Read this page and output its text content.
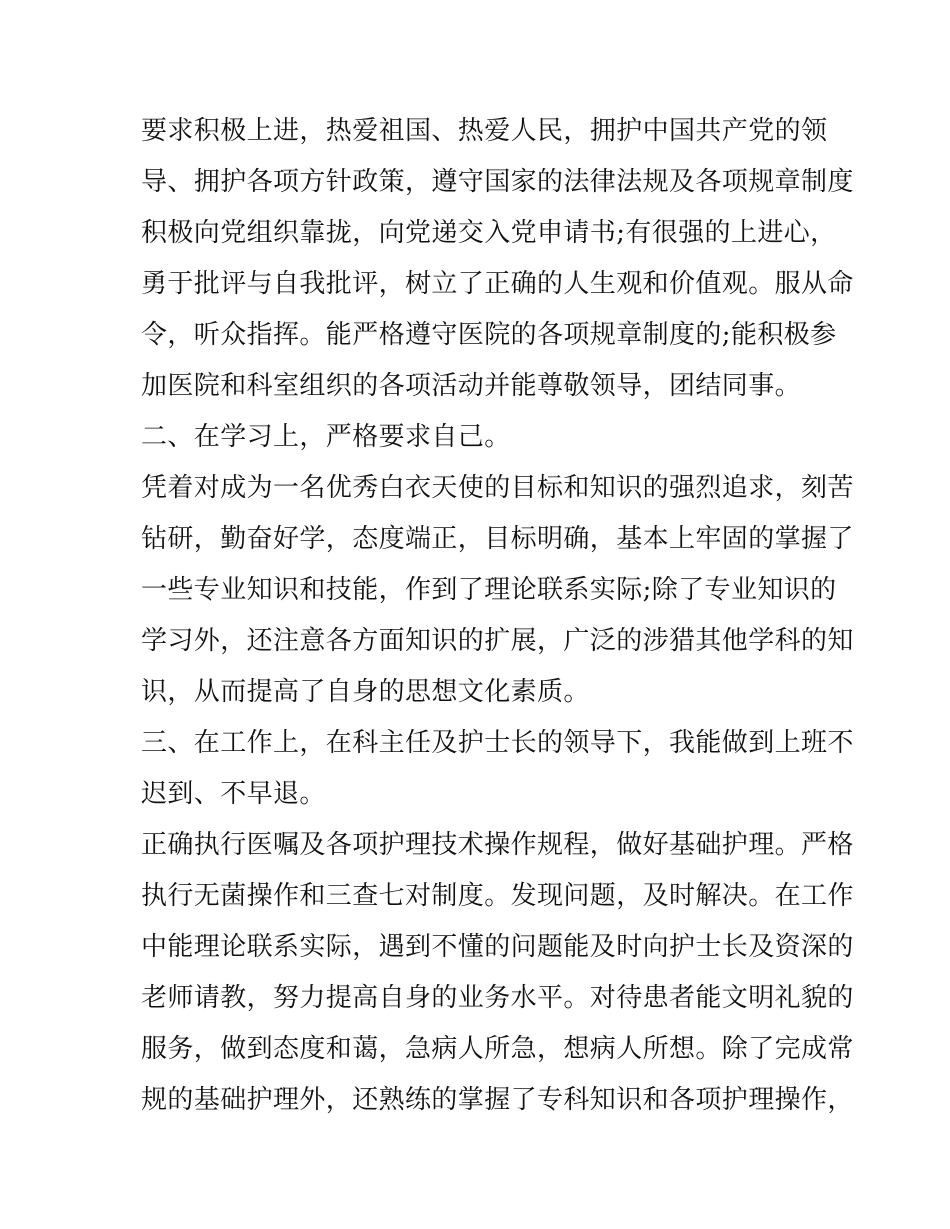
要求积极上进，热爱祖国、热爱人民，拥护中国共产党的领
导、拥护各项方针政策，遵守国家的法律法规及各项规章制度
积极向党组织靠拢，向党递交入党申请书;有很强的上进心，
勇于批评与自我批评，树立了正确的人生观和价值观。服从命
令，听众指挥。能严格遵守医院的各项规章制度的;能积极参
加医院和科室组织的各项活动并能尊敬领导，团结同事。
二、在学习上，严格要求自己。
凭着对成为一名优秀白衣天使的目标和知识的强烈追求，刻苦
钻研，勤奋好学，态度端正，目标明确，基本上牢固的掌握了
一些专业知识和技能，作到了理论联系实际;除了专业知识的
学习外，还注意各方面知识的扩展，广泛的涉猎其他学科的知
识，从而提高了自身的思想文化素质。
三、在工作上，在科主任及护士长的领导下，我能做到上班不
迟到、不早退。
正确执行医嘱及各项护理技术操作规程，做好基础护理。严格
执行无菌操作和三查七对制度。发现问题，及时解决。在工作
中能理论联系实际，遇到不懂的问题能及时向护士长及资深的
老师请教，努力提高自身的业务水平。对待患者能文明礼貌的
服务，做到态度和蔼，急病人所急，想病人所想。除了完成常
规的基础护理外，还熟练的掌握了专科知识和各项护理操作，
